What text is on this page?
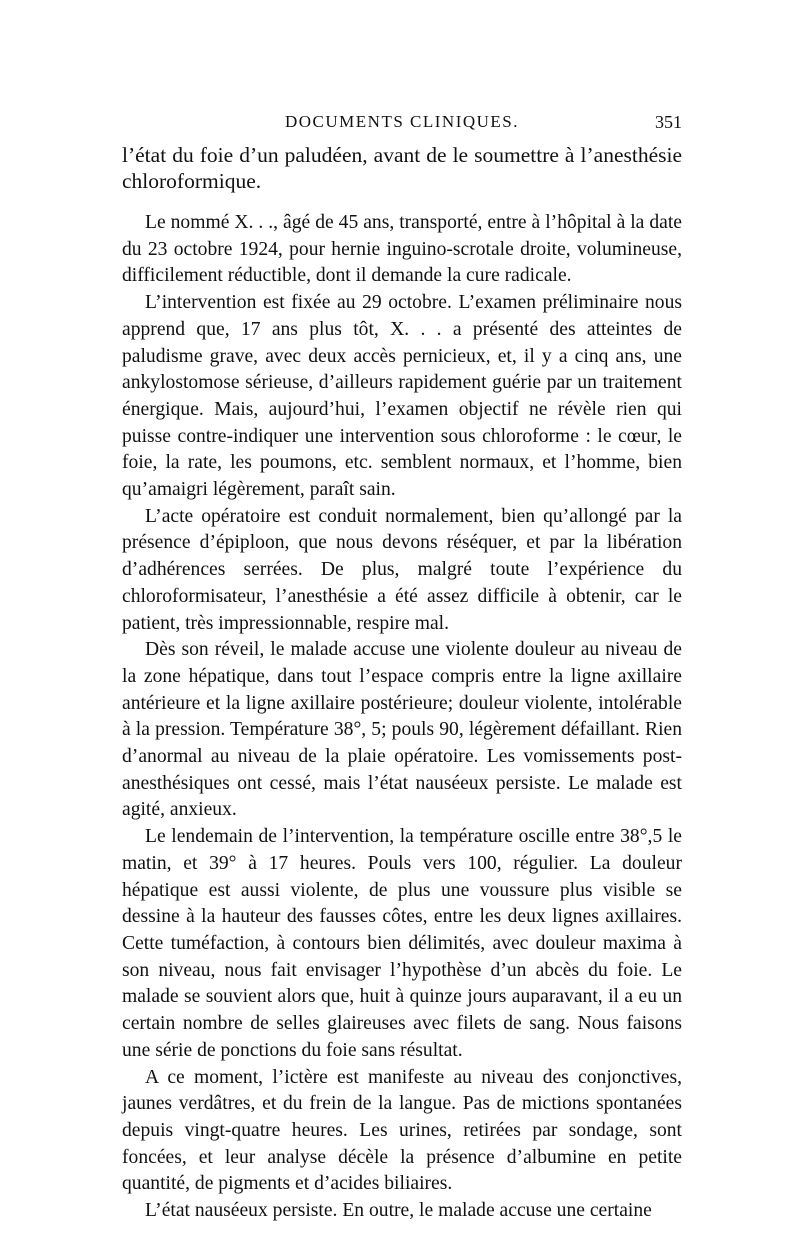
DOCUMENTS CLINIQUES.	351

l’état du foie d’un paludéen, avant de le soumettre à l’anesthésie chloroformique.

Le nommé X. . ., âgé de 45 ans, transporté, entre à l’hôpital à la date du 23 octobre 1924, pour hernie inguino-scrotale droite, volumineuse, difficilement réductible, dont il demande la cure radicale.

L’intervention est fixée au 29 octobre. L’examen préliminaire nous apprend que, 17 ans plus tôt, X. . . a présenté des atteintes de paludisme grave, avec deux accès pernicieux, et, il y a cinq ans, une ankylostomose sérieuse, d’ailleurs rapidement guérie par un traitement énergique. Mais, aujourd’hui, l’examen objectif ne révèle rien qui puisse contre-indiquer une intervention sous chloroforme : le cœur, le foie, la rate, les poumons, etc. semblent normaux, et l’homme, bien qu’amaigri légèrement, paraît sain.

L’acte opératoire est conduit normalement, bien qu’allongé par la présence d’épiploon, que nous devons réséquer, et par la libération d’adhérences serrées. De plus, malgré toute l’expérience du chloroformisateur, l’anesthésie a été assez difficile à obtenir, car le patient, très impressionnable, respire mal.

Dès son réveil, le malade accuse une violente douleur au niveau de la zone hépatique, dans tout l’espace compris entre la ligne axillaire antérieure et la ligne axillaire postérieure; douleur violente, intolérable à la pression. Température 38°, 5; pouls 90, légèrement défaillant. Rien d’anormal au niveau de la plaie opératoire. Les vomissements post-anesthésiques ont cessé, mais l’état nauséeux persiste. Le malade est agité, anxieux.

Le lendemain de l’intervention, la température oscille entre 38°,5 le matin, et 39° à 17 heures. Pouls vers 100, régulier. La douleur hépatique est aussi violente, de plus une voussure plus visible se dessine à la hauteur des fausses côtes, entre les deux lignes axillaires. Cette tuméfaction, à contours bien délimités, avec douleur maxima à son niveau, nous fait envisager l’hypothèse d’un abcès du foie. Le malade se souvient alors que, huit à quinze jours auparavant, il a eu un certain nombre de selles glaireuses avec filets de sang. Nous faisons une série de ponctions du foie sans résultat.

A ce moment, l’ictère est manifeste au niveau des conjonctives, jaunes verdâtres, et du frein de la langue. Pas de mictions spontanées depuis vingt-quatre heures. Les urines, retirées par sondage, sont foncées, et leur analyse décèle la présence d’albumine en petite quantité, de pigments et d’acides biliaires.

L’état nauséeux persiste. En outre, le malade accuse une certaine
